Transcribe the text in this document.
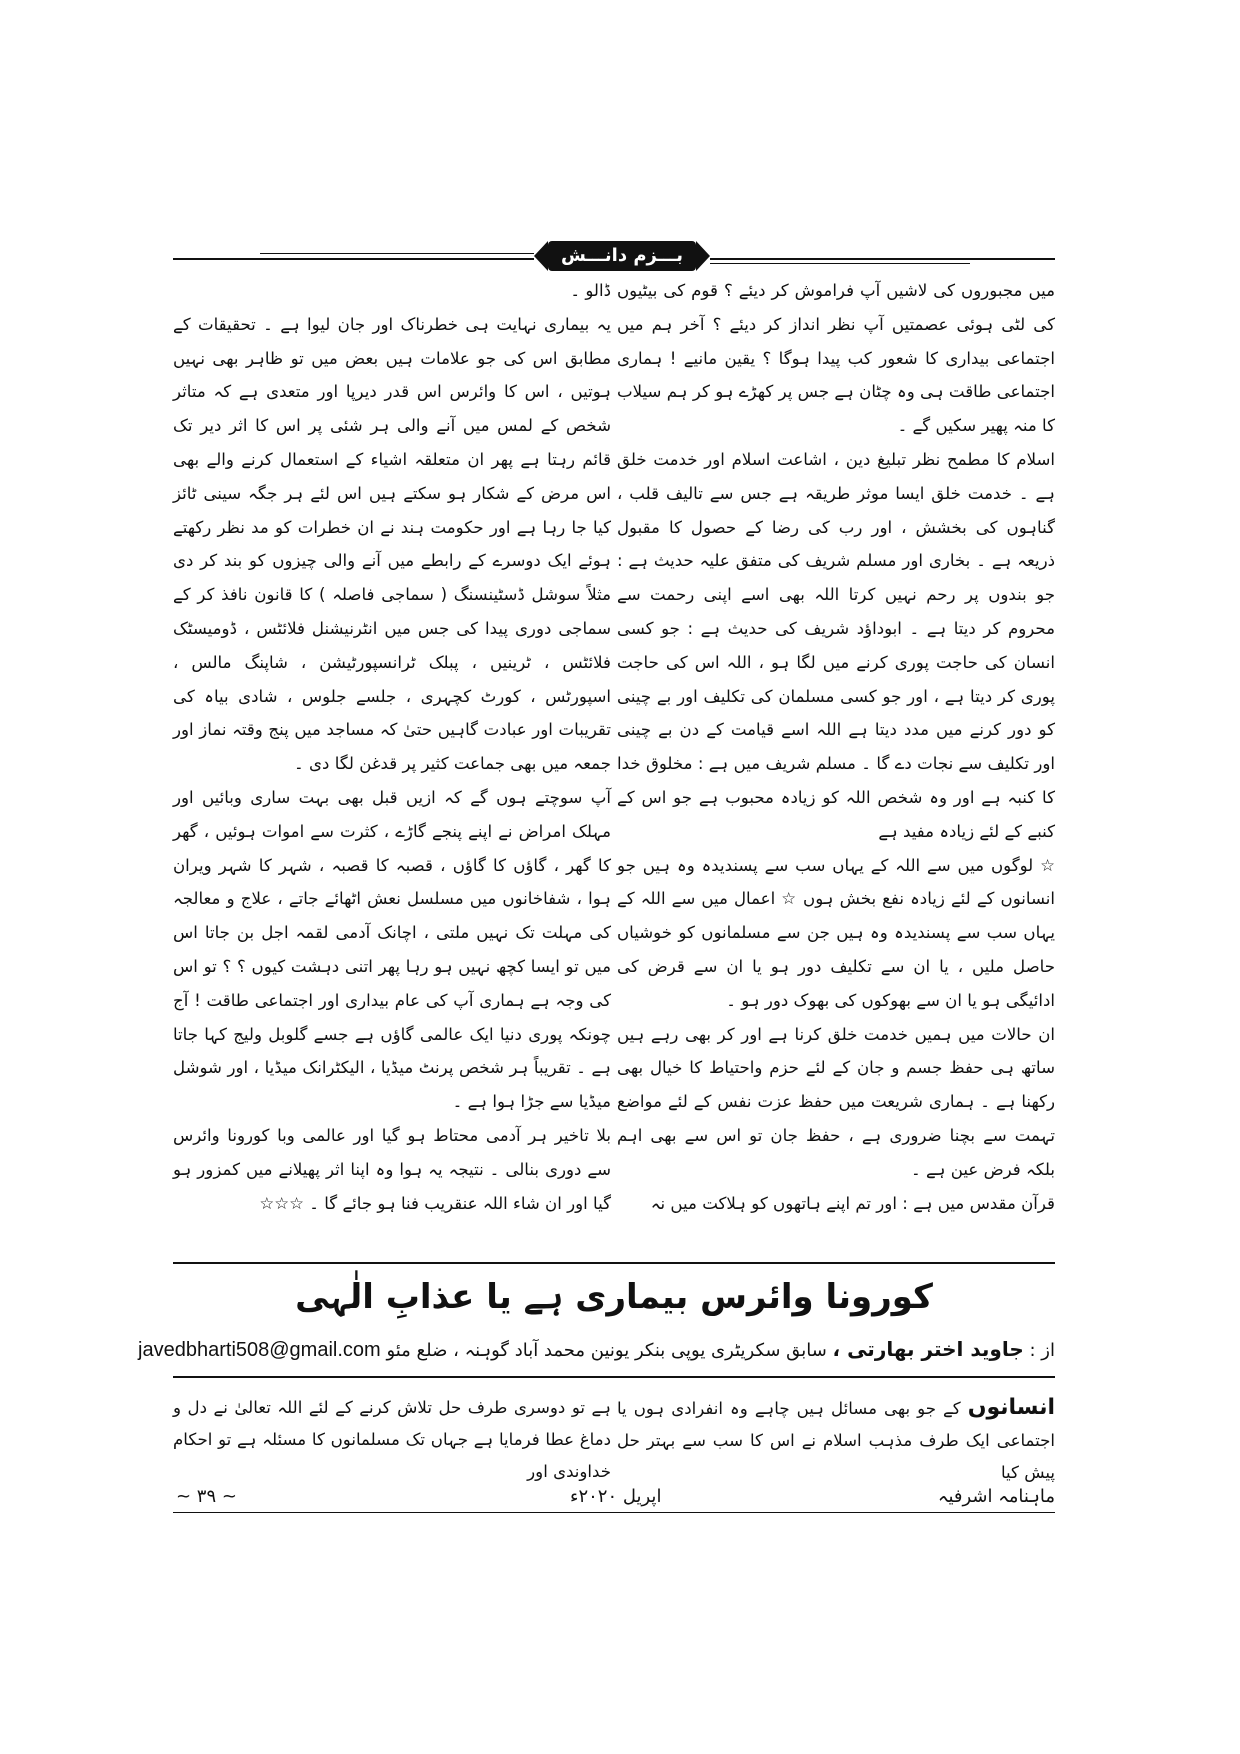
بـــزم دانـــش

میں مجبوروں کی لاشیں آپ فراموش کر دیئے ؟ قوم کی بیٹیوں کی لٹی ہوئی عصمتیں آپ نظر انداز کر دیئے ؟ آخر ہم میں اجتماعی بیداری کا شعور کب پیدا ہوگا ؟ یقین مانیے ! ہماری اجتماعی طاقت ہی وہ چٹان ہے جس پر کھڑے ہو کر ہم سیلاب کا منہ پھیر سکیں گے ۔

اسلام کا مطمح نظر تبلیغ دین ، اشاعت اسلام اور خدمت خلق ہے ۔ خدمت خلق ایسا موثر طریقہ ہے جس سے تالیف قلب ، گناہوں کی بخشش ، اور رب کی رضا کے حصول کا مقبول ذریعہ ہے ۔ بخاری اور مسلم شریف کی متفق علیہ حدیث ہے : جو بندوں پر رحم نہیں کرتا اللہ بھی اسے اپنی رحمت سے محروم کر دیتا ہے ۔ ابوداؤد شریف کی حدیث ہے : جو کسی انسان کی حاجت پوری کرنے میں لگا ہو ، اللہ اس کی حاجت پوری کر دیتا ہے ، اور جو کسی مسلمان کی تکلیف اور بے چینی کو دور کرنے میں مدد دیتا ہے اللہ اسے قیامت کے دن بے چینی اور تکلیف سے نجات دے گا ۔ مسلم شریف میں ہے : مخلوق خدا کا کنبہ ہے اور وہ شخص اللہ کو زیادہ محبوب ہے جو اس کے کنبے کے لئے زیادہ مفید ہے

☆ لوگوں میں سے اللہ کے یہاں سب سے پسندیدہ وہ ہیں جو انسانوں کے لئے زیادہ نفع بخش ہوں ☆ اعمال میں سے اللہ کے یہاں سب سے پسندیدہ وہ ہیں جن سے مسلمانوں کو خوشیاں حاصل ملیں ، یا ان سے تکلیف دور ہو یا ان سے قرض کی ادائیگی ہو یا ان سے بھوکوں کی بھوک دور ہو ۔

ان حالات میں ہمیں خدمت خلق کرنا ہے اور کر بھی رہے ہیں ساتھ ہی حفظ جسم و جان کے لئے حزم واحتیاط کا خیال بھی رکھنا ہے ۔ ہماری شریعت میں حفظ عزت نفس کے لئے مواضع تہمت سے بچنا ضروری ہے ، حفظ جان تو اس سے بھی اہم بلکہ فرض عین ہے ۔

قرآن مقدس میں ہے : اور تم اپنے ہاتھوں کو ہلاکت میں نہ

ڈالو ۔

یہ بیماری نہایت ہی خطرناک اور جان لیوا ہے ۔ تحقیقات کے مطابق اس کی جو علامات ہیں بعض میں تو ظاہر بھی نہیں ہوتیں ، اس کا وائرس اس قدر دیرپا اور متعدی ہے کہ متاثر شخص کے لمس میں آنے والی ہر شئی پر اس کا اثر دیر تک قائم رہتا ہے پھر ان متعلقہ اشیاء کے استعمال کرنے والے بھی اس مرض کے شکار ہو سکتے ہیں اس لئے ہر جگہ سینی ٹائز کیا جا رہا ہے اور حکومت ہند نے ان خطرات کو مد نظر رکھتے ہوئے ایک دوسرے کے رابطے میں آنے والی چیزوں کو بند کر دی مثلاً سوشل ڈسٹینسنگ ( سماجی فاصلہ ) کا قانون نافذ کر کے سماجی دوری پیدا کی جس میں انٹرنیشنل فلائٹس ، ڈومیسٹک فلائٹس ، ٹرینیں ، پبلک ٹرانسپورٹیشن ، شاپنگ مالس ، اسپورٹس ، کورٹ کچہری ، جلسے جلوس ، شادی بیاہ کی تقریبات اور عبادت گاہیں حتیٰ کہ مساجد میں پنج وقتہ نماز اور جمعہ میں بھی جماعت کثیر پر قدغن لگا دی ۔

آپ سوچتے ہوں گے کہ ازیں قبل بھی بہت ساری وبائیں اور مہلک امراض نے اپنے پنجے گاڑے ، کثرت سے اموات ہوئیں ، گھر کا گھر ، گاؤں کا گاؤں ، قصبہ کا قصبہ ، شہر کا شہر ویران ہوا ، شفاخانوں میں مسلسل نعش اٹھائے جاتے ، علاج و معالجہ کی مہلت تک نہیں ملتی ، اچانک آدمی لقمہ اجل بن جاتا اس میں تو ایسا کچھ نہیں ہو رہا پھر اتنی دہشت کیوں ؟ ؟ تو اس کی وجہ ہے ہماری آپ کی عام بیداری اور اجتماعی طاقت ! آج چونکہ پوری دنیا ایک عالمی گاؤں ہے جسے گلوبل ولیج کہا جاتا ہے ۔ تقریباً ہر شخص پرنٹ میڈیا ، الیکٹرانک میڈیا ، اور شوشل میڈیا سے جڑا ہوا ہے ۔

بلا تاخیر ہر آدمی محتاط ہو گیا اور عالمی وبا کورونا وائرس سے دوری بنالی ۔ نتیجہ یہ ہوا وہ اپنا اثر پھیلانے میں کمزور ہو گیا اور ان شاء اللہ عنقریب فنا ہو جائے گا ۔ ☆☆☆

کورونا وائرس بیماری ہے یا عذابِ الٰہی
از : جاوید اختر بھارتی ، سابق سکریٹری یوپی بنکر یونین محمد آباد گوہنہ ، ضلع مئو javedbharti508@gmail.com

انسانوں کے جو بھی مسائل ہیں چاہے وہ انفرادی ہوں یا اجتماعی ایک طرف مذہب اسلام نے اس کا سب سے بہتر حل پیش کیا

ہے تو دوسری طرف حل تلاش کرنے کے لئے اللہ تعالیٰ نے دل و دماغ عطا فرمایا ہے جہاں تک مسلمانوں کا مسئلہ ہے تو احکام خداوندی اور

ماہنامہ اشرفیہ
اپریل ۲۰۲۰ء
~ ۳۹ ~
